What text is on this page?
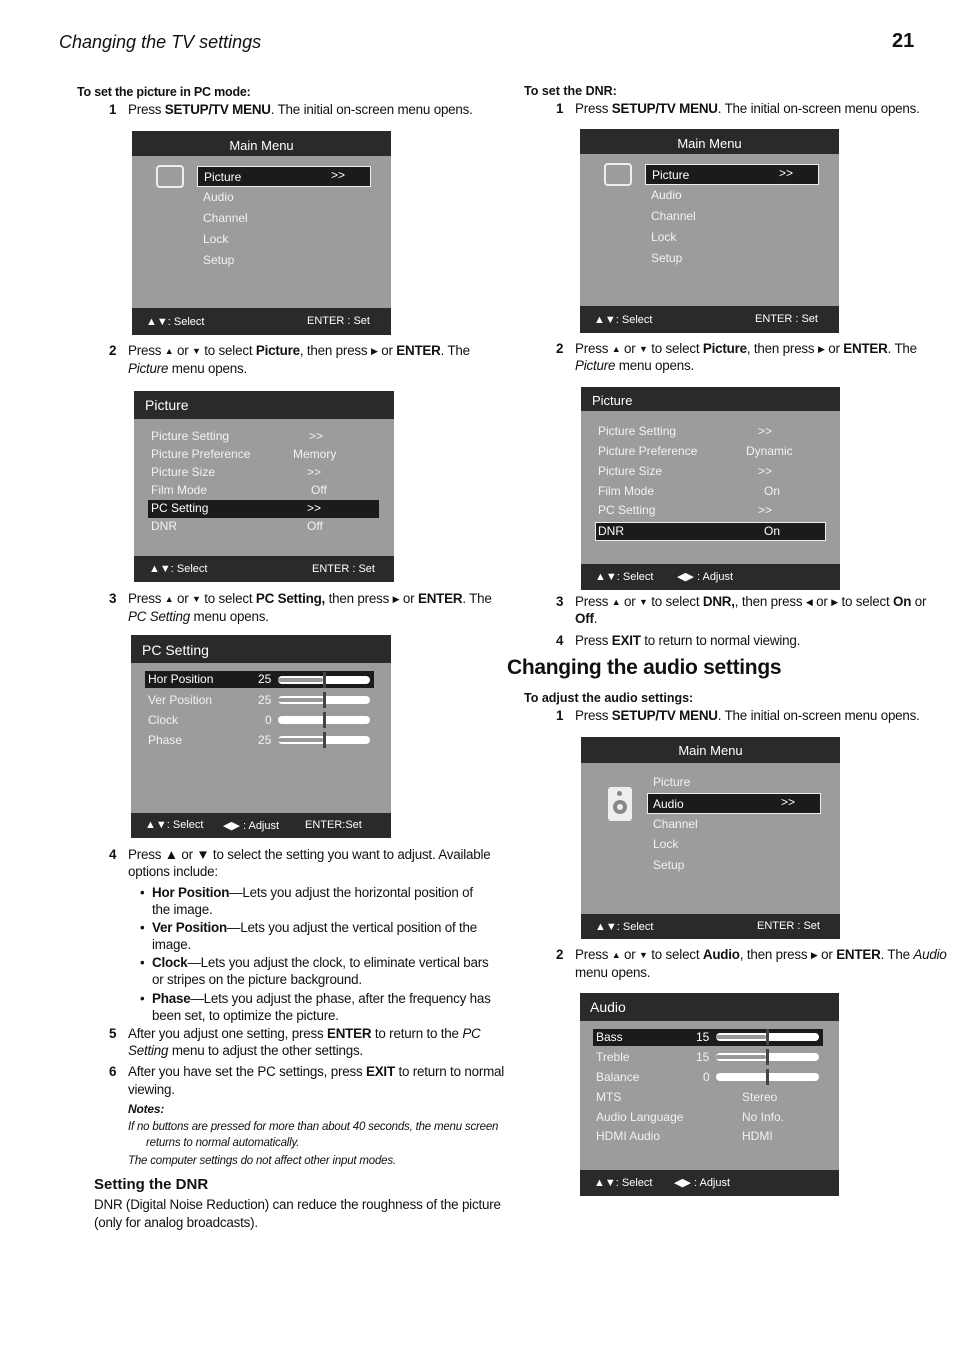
Changing the TV settings	21
To set the picture in PC mode:
1 Press SETUP/TV MENU. The initial on-screen menu opens.
Main Menu
Picture	>>
Audio
Channel
Lock
Setup
▲▼: Select	ENTER : Set
2 Press ▲ or ▼ to select Picture, then press ▶ or ENTER. The
Picture menu opens.
Picture
Picture Setting	>>
Picture Preference	Memory
Picture Size	>>
Film Mode	Off
PC Setting	>>
DNR	Off
▲▼: Select	ENTER : Set
3 Press ▲ or ▼ to select PC Setting, then press ▶ or ENTER. The
PC Setting menu opens.
PC Setting
Hor Position	25
Ver Position	25
Clock	0
Phase	25
▲▼: Select ◀▶ : Adjust ENTER:Set
4 Press ▲ or ▼ to select the setting you want to adjust. Available
options include:
• Hor Position—Lets you adjust the horizontal position of
the image.
• Ver Position—Lets you adjust the vertical position of the
image.
• Clock—Lets you adjust the clock, to eliminate vertical bars
or stripes on the picture background.
• Phase—Lets you adjust the phase, after the frequency has
been set, to optimize the picture.
5 After you adjust one setting, press ENTER to return to the PC
Setting menu to adjust the other settings.
6 After you have set the PC settings, press EXIT to return to normal
viewing.
Notes:
If no buttons are pressed for more than about 40 seconds, the menu screen
returns to normal automatically.
The computer settings do not affect other input modes.
Setting the DNR
DNR (Digital Noise Reduction) can reduce the roughness of the picture
(only for analog broadcasts).
To set the DNR:
1 Press SETUP/TV MENU. The initial on-screen menu opens.
Main Menu
Picture	>>
Audio
Channel
Lock
Setup
▲▼: Select	ENTER : Set
2 Press ▲ or ▼ to select Picture, then press ▶ or ENTER. The
Picture menu opens.
Picture
Picture Setting	>>
Picture Preference	Dynamic
Picture Size	>>
Film Mode	On
PC Setting	>>
DNR	On
▲▼: Select ◀▶ : Adjust
3 Press ▲ or ▼ to select DNR,, then press ◀ or ▶ to select On or
Off.
4 Press EXIT to return to normal viewing.
Changing the audio settings
To adjust the audio settings:
1 Press SETUP/TV MENU. The initial on-screen menu opens.
Main Menu
Picture
Audio	>>
Channel
Lock
Setup
▲▼: Select	ENTER : Set
2 Press ▲ or ▼ to select Audio, then press ▶ or ENTER. The Audio
menu opens.
Audio
Bass	15
Treble	15
Balance	0
MTS	Stereo
Audio Language	No Info.
HDMI Audio	HDMI
▲▼: Select ◀▶ : Adjust
